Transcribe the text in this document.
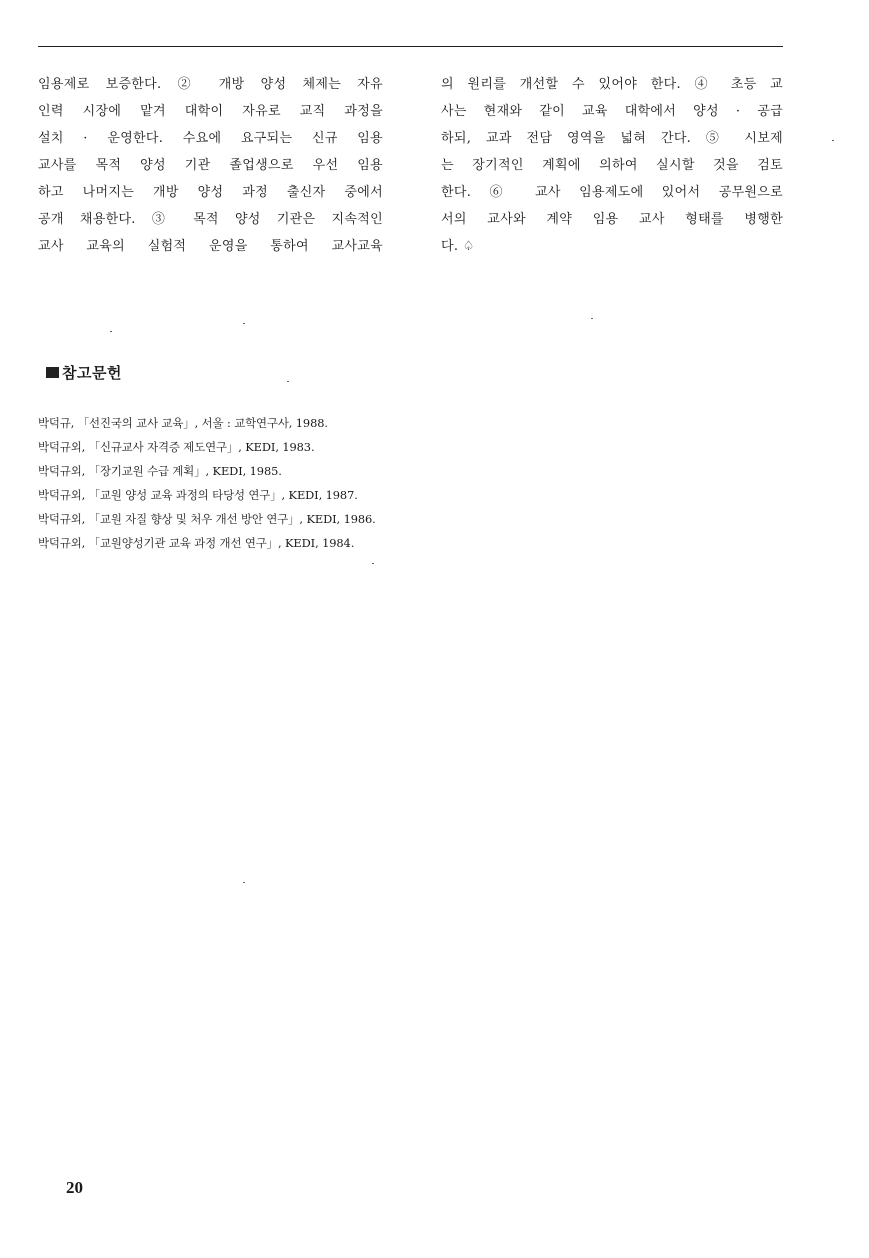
임용제로 보증한다. ② 개방 양성 체제는 자유
인력 시장에 맡겨 대학이 자유로 교직 과정을
설치 · 운영한다. 수요에 요구되는 신규 임용
교사를 목적 양성 기관 졸업생으로 우선 임용
하고 나머지는 개방 양성 과정 출신자 중에서
공개 채용한다. ③ 목적 양성 기관은 지속적인
교사 교육의 실험적 운영을 통하여 교사교육
의 원리를 개선할 수 있어야 한다. ④ 초등 교
사는 현재와 같이 교육 대학에서 양성 · 공급
하되, 교과 전담 영역을 넓혀 간다. ⑤ 시보제
는 장기적인 계획에 의하여 실시할 것을 검토
한다. ⑥ 교사 임용제도에 있어서 공무원으로
서의 교사와 계약 임용 교사 형태를 병행한
다. ♤
참고문헌
박덕규, 「선진국의 교사 교육」, 서울 : 교학연구사, 1988.
박덕규외, 「신규교사 자격증 제도연구」, KEDI, 1983.
박덕규외, 「장기교원 수급 계획」, KEDI, 1985.
박덕규외, 「교원 양성 교육 과정의 타당성 연구」, KEDI, 1987.
박덕규외, 「교원 자질 향상 및 처우 개선 방안 연구」, KEDI, 1986.
박덕규외, 「교원양성기관 교육 과정 개선 연구」, KEDI, 1984.
20
